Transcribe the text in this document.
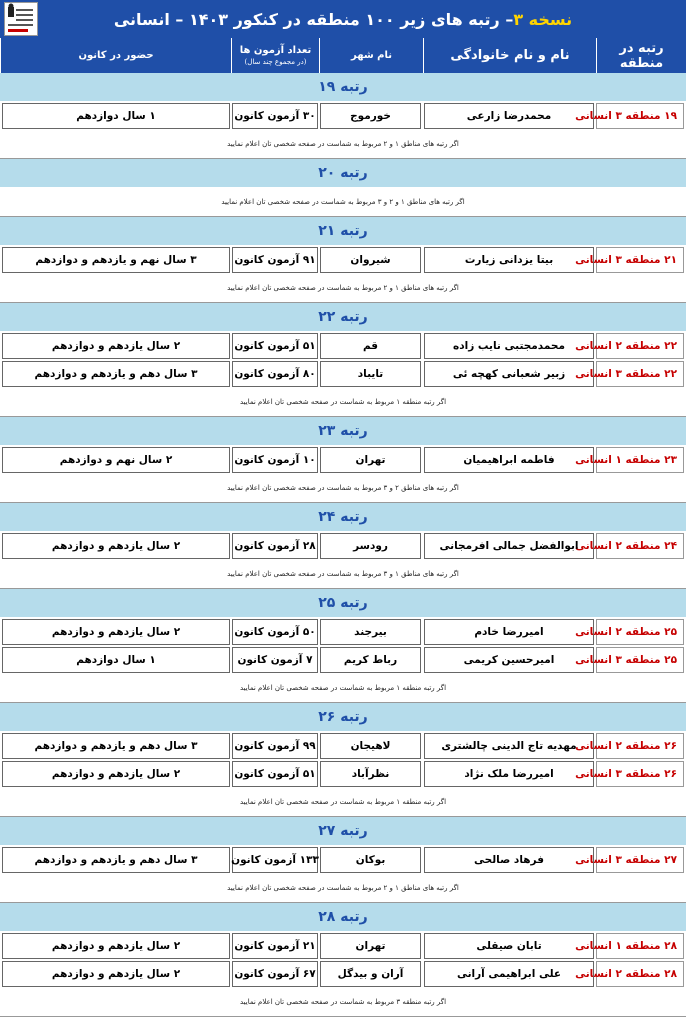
نسخه ۳
– رتبه های زیر ۱۰۰ منطقه در کنکور ۱۴۰۳ – انسانی
رتبه در منطقه
نام و نام خانوادگی
نام شهر
تعداد آزمون ها
(در مجموع چند سال)
حضور در کانون
رتبه ۱۹
۱۹ منطقه ۳ انسانی
محمدرضا زارعی
خورموج
۳۰ آزمون کانون
۱ سال دوازدهم
اگر رتبه های مناطق ۱ و ۲ مربوط به شماست در صفحه شخصی تان اعلام نمایید
رتبه ۲۰
اگر رتبه های مناطق ۱ و ۲ و ۳ مربوط به شماست در صفحه شخصی تان اعلام نمایید
رتبه ۲۱
۲۱ منطقه ۳ انسانی
بیتا یزدانی زیارت
شیروان
۹۱ آزمون کانون
۳ سال نهم و یازدهم و دوازدهم
اگر رتبه های مناطق ۱ و ۲ مربوط به شماست در صفحه شخصی تان اعلام نمایید
رتبه ۲۲
۲۲ منطقه ۲ انسانی
محمدمجتبی نایب زاده
قم
۵۱ آزمون کانون
۲ سال یازدهم و دوازدهم
۲۲ منطقه ۳ انسانی
زبیر شعبانی کهچه ئی
تایباد
۸۰ آزمون کانون
۳ سال دهم و یازدهم و دوازدهم
اگر رتبه منطقه ۱ مربوط به شماست در صفحه شخصی تان اعلام نمایید
رتبه ۲۳
۲۳ منطقه ۱ انسانی
فاطمه ابراهیمیان
تهران
۱۰ آزمون کانون
۲ سال نهم و دوازدهم
اگر رتبه های مناطق ۲ و ۳ مربوط به شماست در صفحه شخصی تان اعلام نمایید
رتبه ۲۴
۲۴ منطقه ۲ انسانی
ابوالفضل جمالی افرمجانی
رودسر
۲۸ آزمون کانون
۲ سال یازدهم و دوازدهم
اگر رتبه های مناطق ۱ و ۳ مربوط به شماست در صفحه شخصی تان اعلام نمایید
رتبه ۲۵
۲۵ منطقه ۲ انسانی
امیررضا خادم
بیرجند
۵۰ آزمون کانون
۲ سال یازدهم و دوازدهم
۲۵ منطقه ۳ انسانی
امیرحسین کریمی
رباط کریم
۷ آزمون کانون
۱ سال دوازدهم
اگر رتبه منطقه ۱ مربوط به شماست در صفحه شخصی تان اعلام نمایید
رتبه ۲۶
۲۶ منطقه ۲ انسانی
مهدیه تاج الدینی چالشتری
لاهیجان
۹۹ آزمون کانون
۳ سال دهم و یازدهم و دوازدهم
۲۶ منطقه ۳ انسانی
امیررضا ملک نژاد
نظرآباد
۵۱ آزمون کانون
۲ سال یازدهم و دوازدهم
اگر رتبه منطقه ۱ مربوط به شماست در صفحه شخصی تان اعلام نمایید
رتبه ۲۷
۲۷ منطقه ۳ انسانی
فرهاد صالحی
بوکان
۱۳۳ آزمون کانون
۳ سال دهم و یازدهم و دوازدهم
اگر رتبه های مناطق ۱ و ۲ مربوط به شماست در صفحه شخصی تان اعلام نمایید
رتبه ۲۸
۲۸ منطقه ۱ انسانی
تابان صیقلی
تهران
۲۱ آزمون کانون
۲ سال یازدهم و دوازدهم
۲۸ منطقه ۲ انسانی
علی ابراهیمی آرانی
آران و بیدگل
۶۷ آزمون کانون
۲ سال یازدهم و دوازدهم
اگر رتبه منطقه ۳ مربوط به شماست در صفحه شخصی تان اعلام نمایید
